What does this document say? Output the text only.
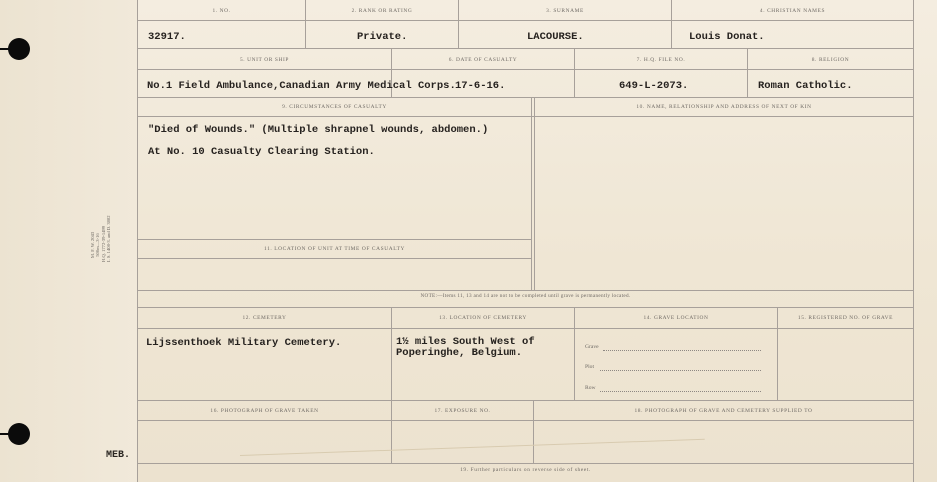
M. F. W. 2043 500m—3-16 H.Q. 1772-39-1499 I. S. 1408-3. and D. 3882
MEB.
1. NO.	2. RANK OR RATING	3. SURNAME	4. CHRISTIAN NAMES
32917.	Private.	LACOURSE.	Louis Donat.
5. UNIT OR SHIP	6. DATE OF CASUALTY	7. H.Q. FILE NO.	8. RELIGION
No.1 Field Ambulance,Canadian Army Medical Corps. 17-6-16.	649-L-2073.	Roman Catholic.
9. CIRCUMSTANCES OF CASUALTY	10. NAME, RELATIONSHIP AND ADDRESS OF NEXT OF KIN
"Died of Wounds." (Multiple shrapnel wounds, abdomen.)
At No. 10 Casualty Clearing Station.
11. LOCATION OF UNIT AT TIME OF CASUALTY
NOTE:—Items 11, 13 and 14 are not to be completed until grave is permanently located.
12. CEMETERY	13. LOCATION OF CEMETERY	14. GRAVE LOCATION	15. REGISTERED NO. OF GRAVE
Lijssenthoek Military Cemetery.	1½ miles South West of
Poperinghe, Belgium.	Grave
Plot
Row
16. PHOTOGRAPH OF GRAVE TAKEN	17. EXPOSURE NO.	18. PHOTOGRAPH OF GRAVE AND CEMETERY SUPPLIED TO
19. Further particulars on reverse side of sheet.
